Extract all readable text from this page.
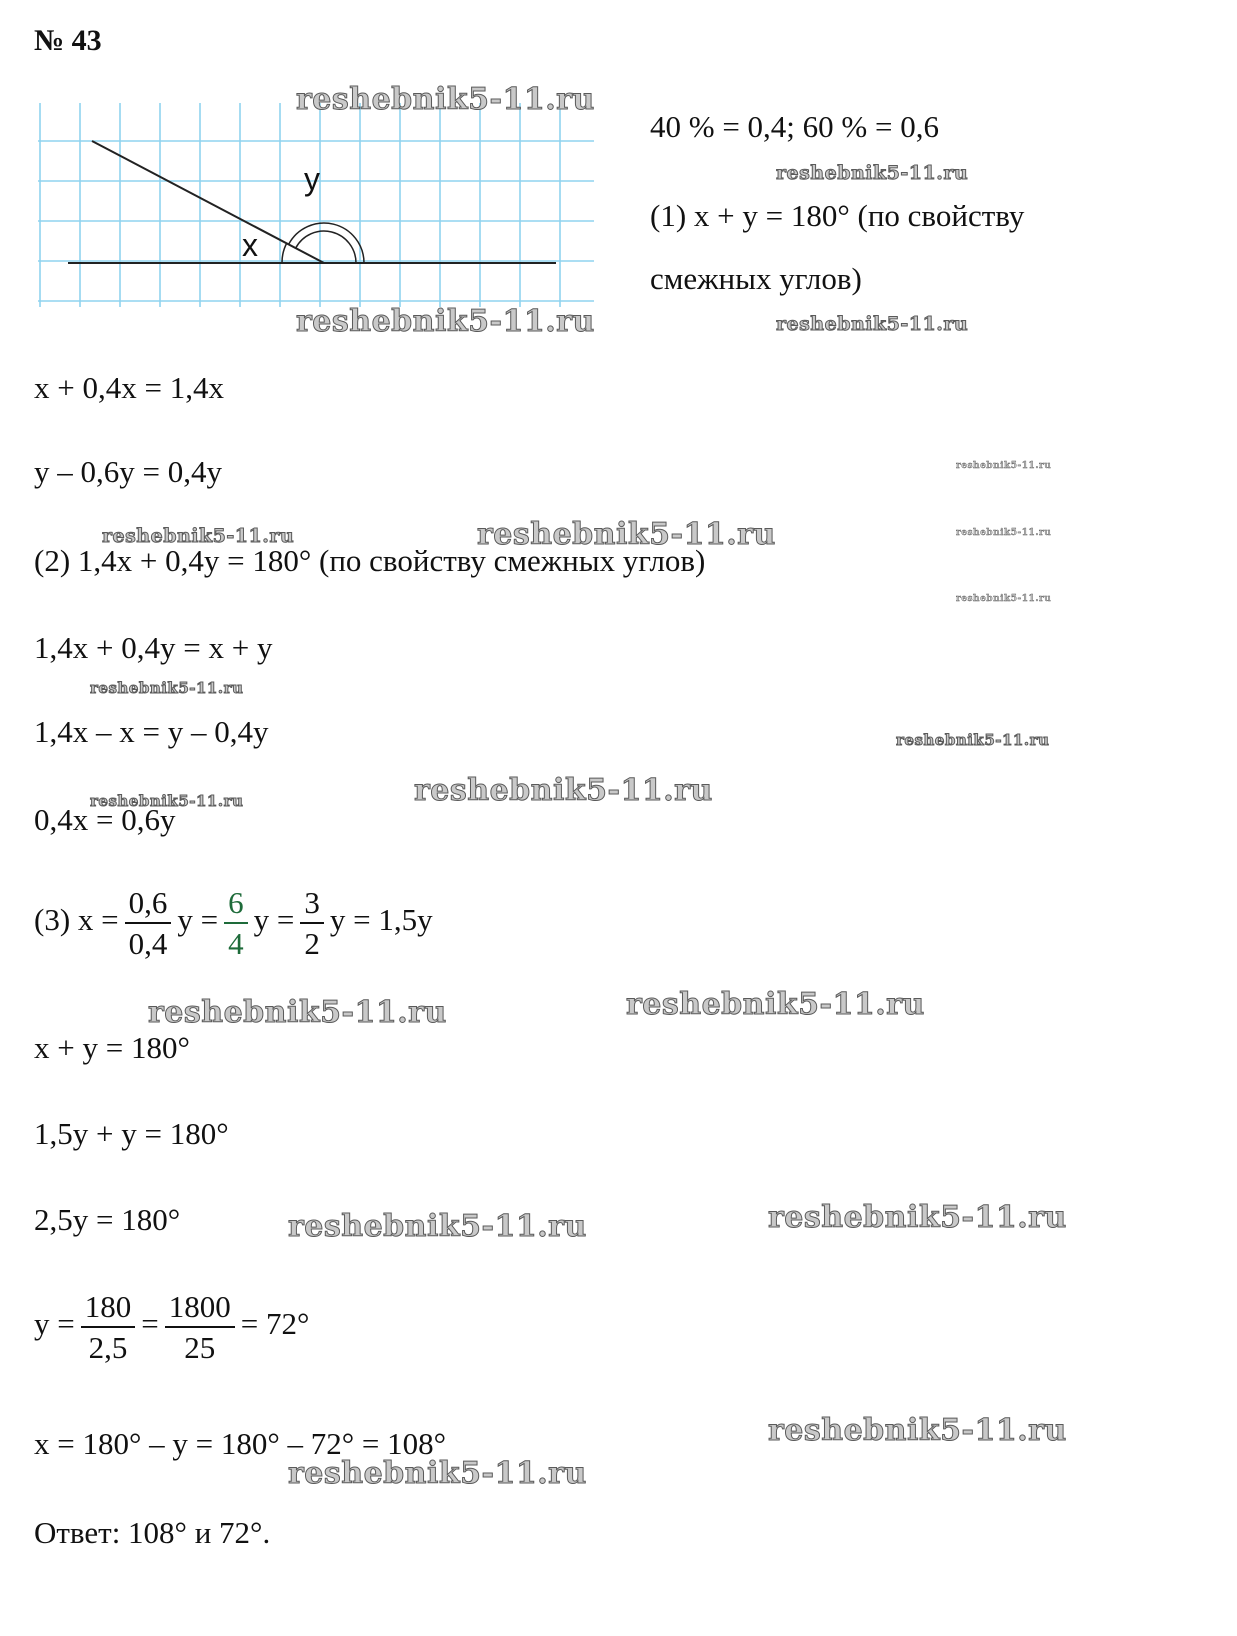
№ 43
x
y
40 % = 0,4; 60 % = 0,6
(1) x + y = 180° (по свойству
смежных углов)
x + 0,4x = 1,4x
y – 0,6y = 0,4y
(2) 1,4x + 0,4y = 180° (по свойству смежных углов)
1,4x + 0,4y = x + y
1,4x – x = y – 0,4y
0,4x = 0,6y
(3) $x = \frac{0,6}{0,4}$ $y = \frac{6}{4}$ $y = \frac{3}{2}$ y = 1,5y
x + y = 180°
1,5y + y = 180°
2,5y = 180°
$y = \frac{180}{2,5} = \frac{1800}{25} = 72^\circ$
x = 180° – y = 180° – 72° = 108°
Ответ: 108° и 72°.
reshebnik5-11.ru
reshebnik5-11.ru
reshebnik5-11.ru
reshebnik5-11.ru
reshebnik5-11.ru
reshebnik5-11.ru	reshebnik5-11.ru	reshebnik5-11.ru
reshebnik5-11.ru
reshebnik5-11.ru
reshebnik5-11.ru
reshebnik5-11.ru
reshebnik5-11.ru
reshebnik5-11.ru	reshebnik5-11.ru
reshebnik5-11.ru	reshebnik5-11.ru
reshebnik5-11.ru
reshebnik5-11.ru
